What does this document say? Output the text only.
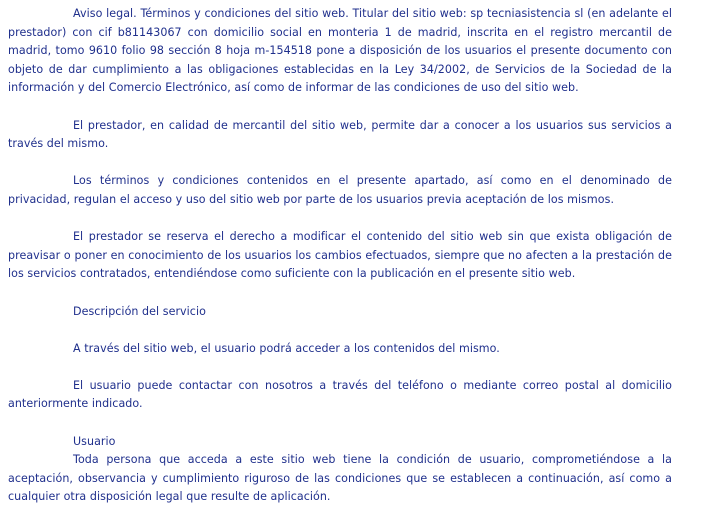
Aviso legal. Términos y condiciones del sitio web. Titular del sitio web: sp tecniasistencia sl (en adelante el prestador) con cif b81143067 con domicilio social en monteria 1 de madrid, inscrita en el registro mercantil de madrid, tomo 9610 folio 98 sección 8 hoja m-154518 pone a disposición de los usuarios el presente documento con objeto de dar cumplimiento a las obligaciones establecidas en la Ley 34/2002, de Servicios de la Sociedad de la información y del Comercio Electrónico, así como de informar de las condiciones de uso del sitio web.

El prestador, en calidad de mercantil del sitio web, permite dar a conocer a los usuarios sus servicios a través del mismo.

Los términos y condiciones contenidos en el presente apartado, así como en el denominado de privacidad, regulan el acceso y uso del sitio web por parte de los usuarios previa aceptación de los mismos.

El prestador se reserva el derecho a modificar el contenido del sitio web sin que exista obligación de preavisar o poner en conocimiento de los usuarios los cambios efectuados, siempre que no afecten a la prestación de los servicios contratados, entendiéndose como suficiente con la publicación en el presente sitio web.

Descripción del servicio

A través del sitio web, el usuario podrá acceder a los contenidos del mismo.

El usuario puede contactar con nosotros a través del teléfono o mediante correo postal al domicilio anteriormente indicado.

Usuario

Toda persona que acceda a este sitio web tiene la condición de usuario, comprometiéndose a la aceptación, observancia y cumplimiento riguroso de las condiciones que se establecen a continuación, así como a cualquier otra disposición legal que resulte de aplicación.
